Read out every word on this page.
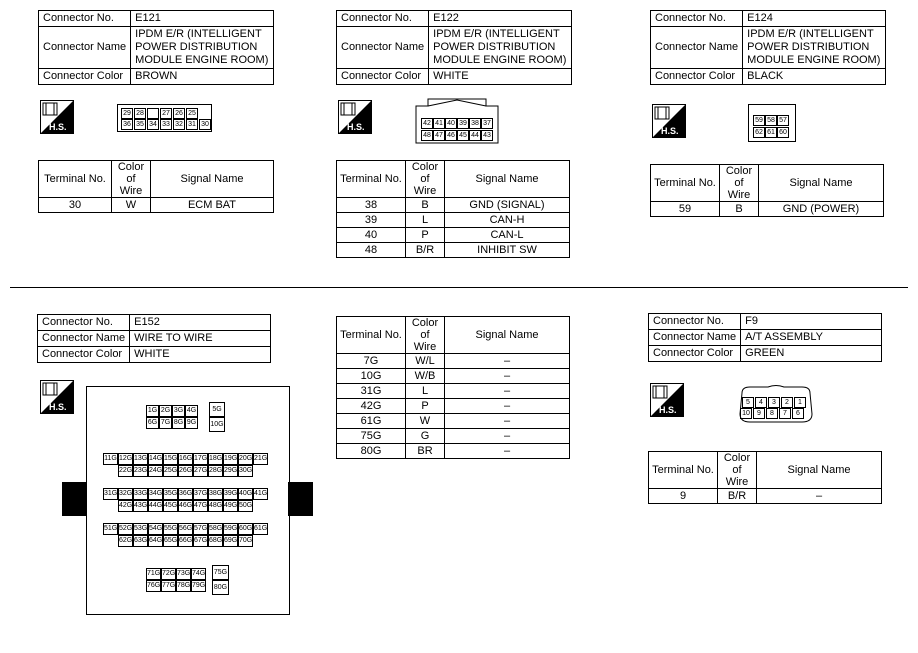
Connector No.	E121
Connector Name	IPDM E/R (INTELLIGENT POWER DISTRIBUTION MODULE ENGINE ROOM)
Connector Color	BROWN
H.S.
29 28	27 26 25
36 35 34 33 32 31 30
Terminal No.	Color of Wire	Signal Name
30	W	ECM BAT
Connector No.	E122
Connector Name	IPDM E/R (INTELLIGENT POWER DISTRIBUTION MODULE ENGINE ROOM)
Connector Color	WHITE
H.S.	42 41 40 39 38 37
48 47 46 45 44 43
Terminal No.	Color of Wire	Signal Name
38	B	GND (SIGNAL)
39	L	CAN-H
40	P	CAN-L
48	B/R	INHIBIT SW
Connector No.	E124
Connector Name	IPDM E/R (INTELLIGENT POWER DISTRIBUTION MODULE ENGINE ROOM)
Connector Color	BLACK
H.S.
59 58 57
62 61 60
Terminal No.	Color of Wire	Signal Name
59	B	GND (POWER)
Connector No.	E152
Connector Name	WIRE TO WIRE
Connector Color	WHITE
H.S.	1G 2G 3G 4G	5G
6G 7G 8G 9G 10G
11G 12G 13G 14G 15G 16G 17G 18G 19G 20G 21G
22G 23G 24G 25G 26G 27G 28G 29G 30G
31G 32G 33G 34G 35G 36G 37G 38G 39G 40G 41G
42G 43G 44G 45G 46G 47G 48G 49G 50G
51G 52G 53G 54G 55G 56G 57G 58G 59G 60G 61G
62G 63G 64G 65G 66G 67G 68G 69G 70G
71G 72G 73G 74G 75G
76G 77G 78G 79G 80G
Terminal No.	Color of Wire	Signal Name
7G	W/L	–
10G	W/B	–
31G	L	–
42G	P	–
61G	W	–
75G	G	–
80G	BR	–
Connector No.	F9
Connector Name	A/T ASSEMBLY
Connector Color	GREEN
H.S.
5	4	3	2	1
10	9	8	7	6
Terminal No.	Color of Wire	Signal Name
9	B/R	–
